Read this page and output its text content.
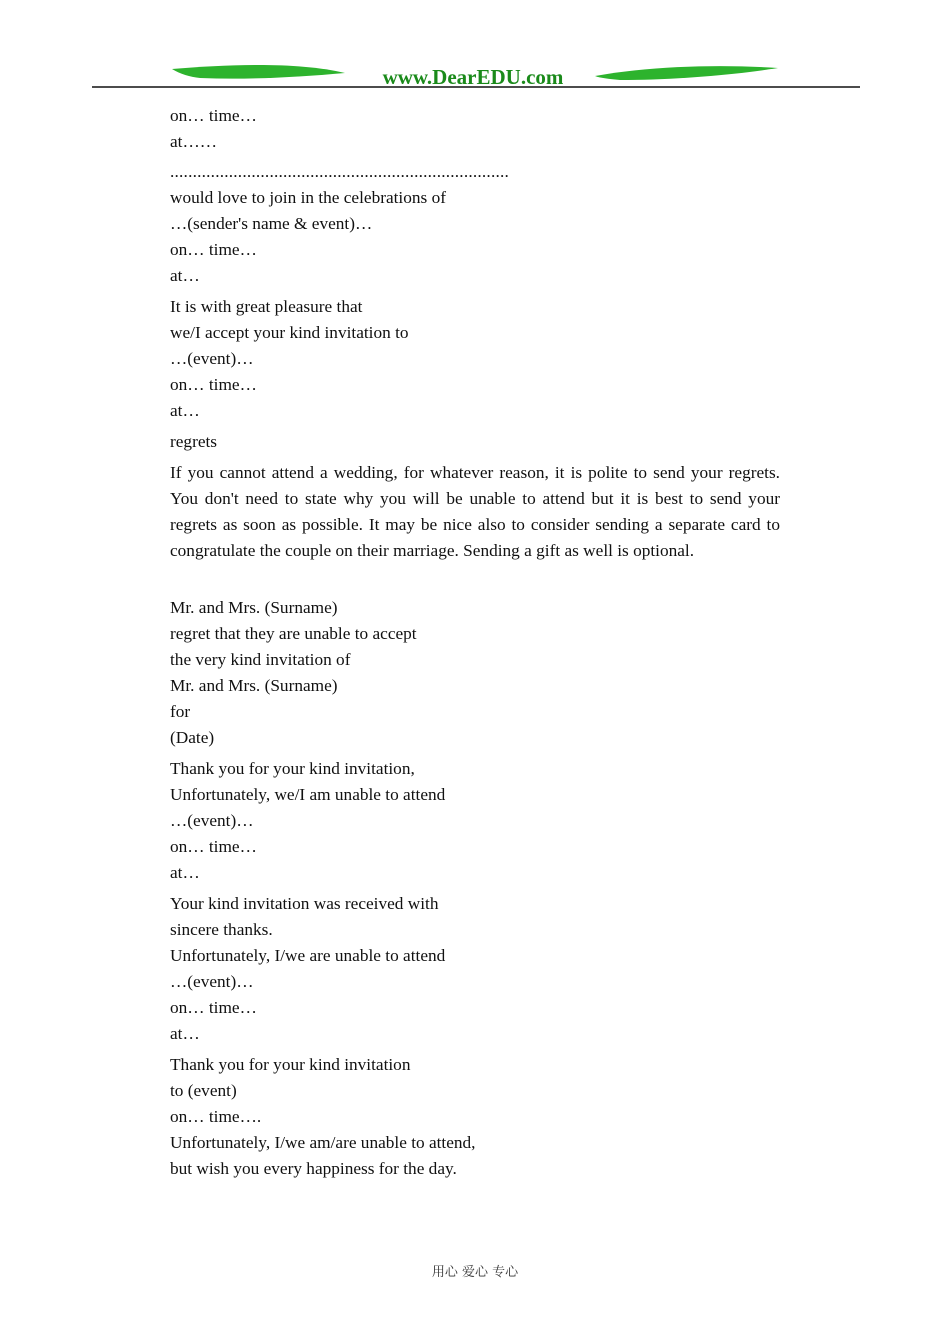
www.DearEDU.com

on… time…

at……

...........................................................................

would love to join in the celebrations of

…(sender's name & event)…

on… time…

at…

It is with great pleasure that

we/I accept your kind invitation to

…(event)…

on… time…

at…

regrets

If you cannot attend a wedding, for whatever reason, it is polite to send your regrets. You don't need to state why you will be unable to attend but it is best to send your regrets as soon as possible. It may be nice also to consider sending a separate card to congratulate the couple on their marriage. Sending a gift as well is optional.

Mr. and Mrs. (Surname)

regret that they are unable to accept

the very kind invitation of

Mr. and Mrs. (Surname)

for

(Date)

Thank you for your kind invitation,

Unfortunately, we/I am unable to attend

…(event)…

on… time…

at…

Your kind invitation was received with

sincere thanks.

Unfortunately, I/we are unable to attend

…(event)…

on… time…

at…

Thank you for your kind invitation

to (event)

on… time….

Unfortunately, I/we am/are unable to attend,

but wish you every happiness for the day.

用心 爱心 专心
